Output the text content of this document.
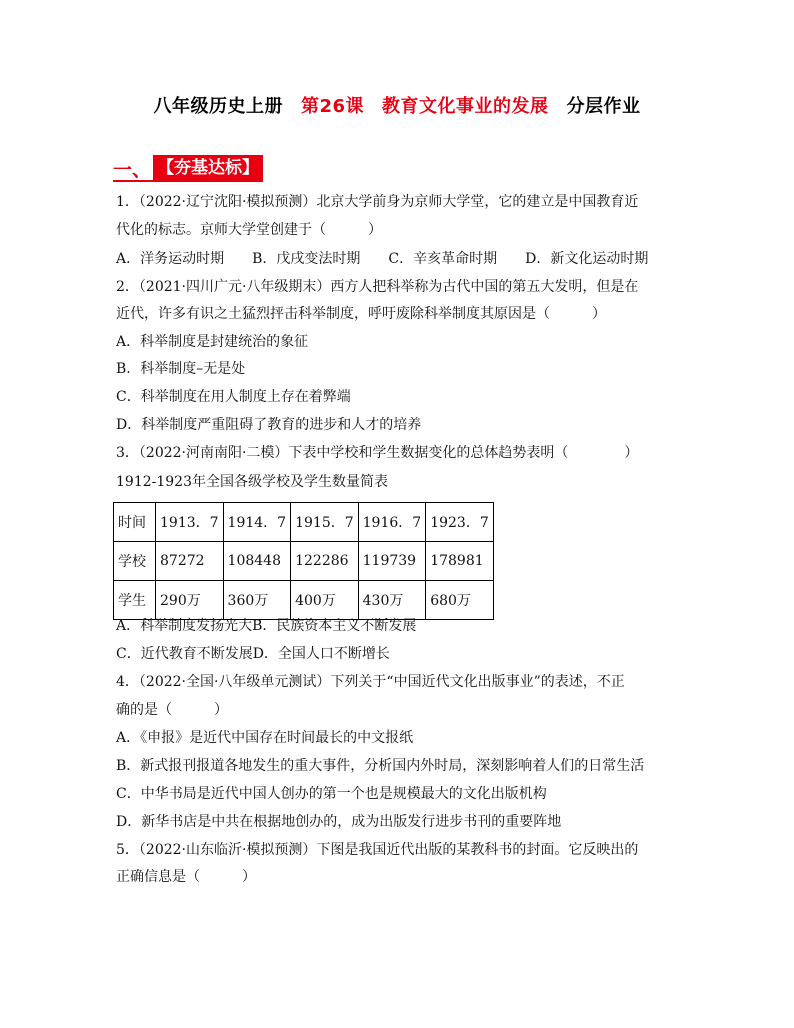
八年级历史上册 第26课 教育文化事业的发展 分层作业
一、 【夯基达标】
1．（2022·辽宁沈阳·模拟预测）北京大学前身为京师大学堂，它的建立是中国教育近
代化的标志。京师大学堂创建于（　　　）
A．洋务运动时期　　B．戊戌变法时期　　C．辛亥革命时期　　D．新文化运动时期
2．（2021·四川广元·八年级期末）西方人把科举称为古代中国的第五大发明，但是在
近代，许多有识之土猛烈抨击科举制度，呼吁废除科举制度其原因是（　　　）
A．科举制度是封建统治的象征
B．科举制度–无是处
C．科举制度在用人制度上存在着弊端
D．科举制度严重阻碍了教育的进步和人才的培养
3．（2022·河南南阳·二模）下表中学校和学生数据变化的总体趋势表明（　　　　）
1912-1923年全国各级学校及学生数量简表
时间	1913．7	1914．7	1915．7	1916．7	1923．7
学校	87272	108448	122286	119739	178981
学生	290万	360万	400万	430万	680万
A．科举制度发扬光大B．民族资本主义不断发展
C．近代教育不断发展D．全国人口不断增长
4．（2022·全国·八年级单元测试）下列关于“中国近代文化出版事业”的表述，不正
确的是（　　　）
A．《申报》是近代中国存在时间最长的中文报纸
B．新式报刊报道各地发生的重大事件，分析国内外时局，深刻影响着人们的日常生活
C．中华书局是近代中国人创办的第一个也是规模最大的文化出版机构
D．新华书店是中共在根据地创办的，成为出版发行进步书刊的重要阵地
5．（2022·山东临沂·模拟预测）下图是我国近代出版的某教科书的封面。它反映出的
正确信息是（　　　）
